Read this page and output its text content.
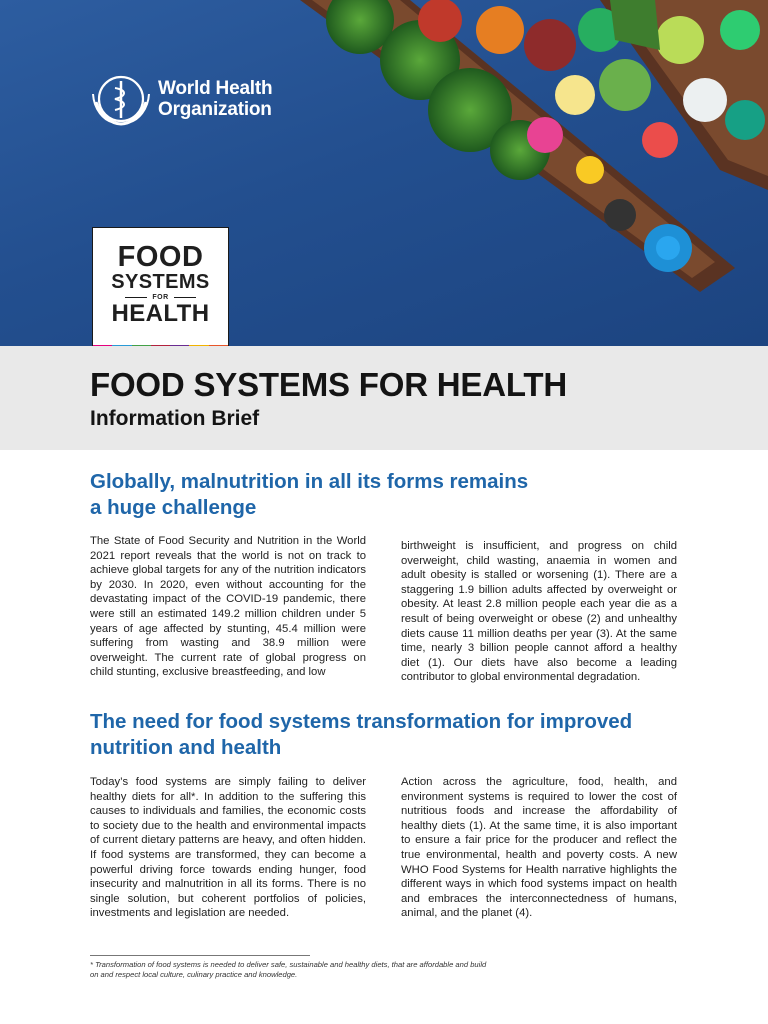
World Health
Organization
FOOD
SYSTEMS
FOR
HEALTH
FOOD SYSTEMS FOR HEALTH
Information Brief
Globally, malnutrition in all its forms remains
a huge challenge

The State of Food Security and Nutrition in the World 2021 report reveals that the world is not on track to achieve global targets for any of the nutrition indicators by 2030. In 2020, even without accounting for the devastating impact of the COVID-19 pandemic, there were still an estimated 149.2 million children under 5 years of age affected by stunting, 45.4 million were suffering from wasting and 38.9 million were overweight. The current rate of global progress on child stunting, exclusive breastfeeding, and low

birthweight is insufficient, and progress on child overweight, child wasting, anaemia in women and adult obesity is stalled or worsening (1). There are a staggering 1.9 billion adults affected by overweight or obesity. At least 2.8 million people each year die as a result of being overweight or obese (2) and unhealthy diets cause 11 million deaths per year (3). At the same time, nearly 3 billion people cannot afford a healthy diet (1). Our diets have also become a leading contributor to global environmental degradation.

The need for food systems transformation for improved
nutrition and health

Today’s food systems are simply failing to deliver healthy diets for all*. In addition to the suffering this causes to individuals and families, the economic costs to society due to the health and environmental impacts of current dietary patterns are heavy, and often hidden. If food systems are transformed, they can become a powerful driving force towards ending hunger, food insecurity and malnutrition in all its forms. There is no single solution, but coherent portfolios of policies, investments and legislation are needed.

Action across the agriculture, food, health, and environment systems is required to lower the cost of nutritious foods and increase the affordability of healthy diets (1). At the same time, it is also important to ensure a fair price for the producer and reflect the true environmental, health and poverty costs. A new WHO Food Systems for Health narrative highlights the different ways in which food systems impact on health and embraces the interconnectedness of humans, animal, and the planet (4).

* Transformation of food systems is needed to deliver safe, sustainable and healthy diets, that are affordable and build
on and respect local culture, culinary practice and knowledge.
